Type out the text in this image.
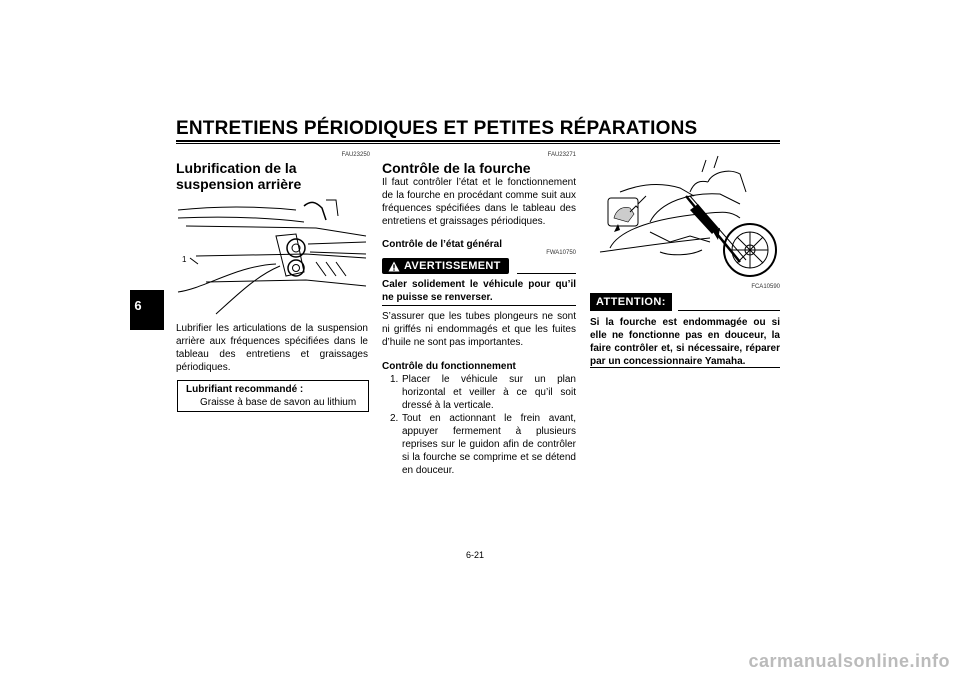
ENTRETIENS PÉRIODIQUES ET PETITES RÉPARATIONS
6
FAU23250
Lubrification de la suspension arrière
1
Lubrifier les articulations de la suspension arrière aux fréquences spécifiées dans le tableau des entretiens et graissages périodiques.
Lubrifiant recommandé :
Graisse à base de savon au lithium
FAU23271
Contrôle de la fourche
Il faut contrôler l’état et le fonctionnement de la fourche en procédant comme suit aux fréquences spécifiées dans le tableau des entretiens et graissages périodiques.
Contrôle de l’état général
FWA10750
AVERTISSEMENT
Caler solidement le véhicule pour qu’il ne puisse se renverser.
S’assurer que les tubes plongeurs ne sont ni griffés ni endommagés et que les fuites d’huile ne sont pas importantes.
Contrôle du fonctionnement
1. Placer le véhicule sur un plan horizontal et veiller à ce qu’il soit dressé à la verticale.
2. Tout en actionnant le frein avant, appuyer fermement à plusieurs reprises sur le guidon afin de contrôler si la fourche se comprime et se détend en douceur.
FCA10590
ATTENTION:
Si la fourche est endommagée ou si elle ne fonctionne pas en douceur, la faire contrôler et, si nécessaire, réparer par un concessionnaire Yamaha.
6-21
carmanualsonline.info
